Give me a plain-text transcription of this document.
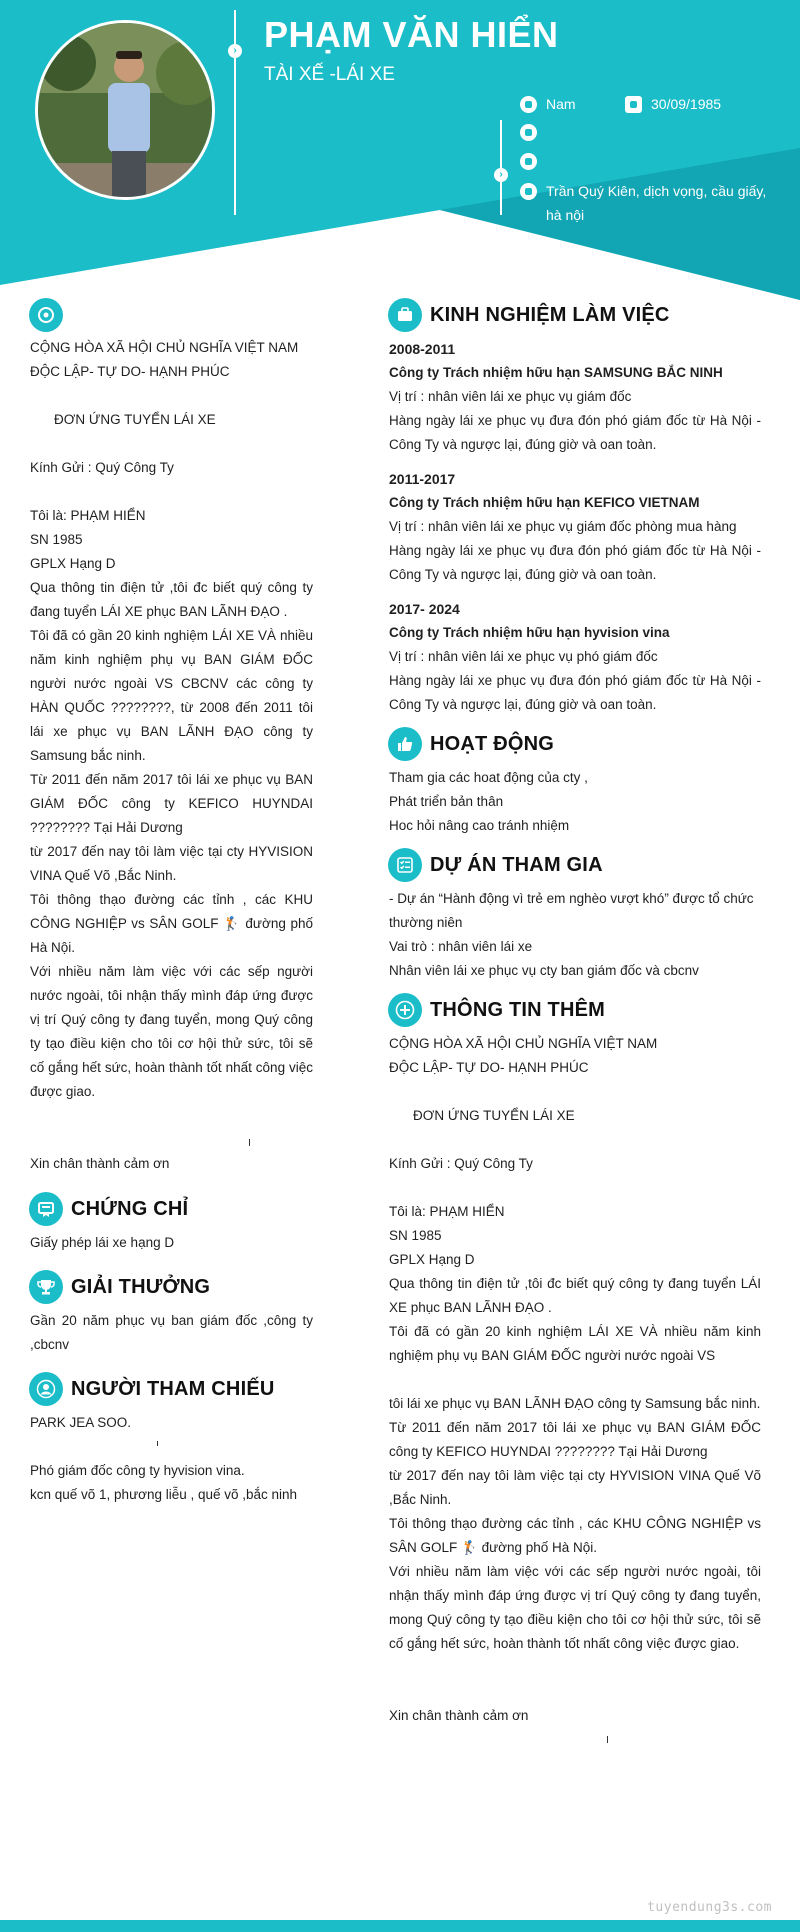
› PHẠM VĂN HIỂN
TÀI XẾ -LÁI XE
›
Nam	30/09/1985
Trần Quý Kiên, dịch vọng, cầu giấy, hà nội

CỘNG HÒA XÃ HỘI CHỦ NGHĨA VIỆT NAM

ĐỘC LẬP- TỰ DO- HẠNH PHÚC

ĐƠN ỨNG TUYỂN LÁI XE

Kính Gửi : Quý Công Ty

Tôi là: PHẠM HIỂN

SN 1985

GPLX Hạng D

Qua thông tin điện tử ,tôi đc biết quý công ty đang tuyển LÁI XE phục BAN LÃNH ĐẠO .

Tôi đã có gần 20 kinh nghiệm LÁI XE VÀ nhiều năm kinh nghiệm phụ vụ BAN GIÁM ĐỐC người nước ngoài VS CBCNV các công ty HÀN QUỐC ????????, từ 2008 đến 2011 tôi lái xe phục vụ BAN LÃNH ĐẠO công ty Samsung bắc ninh.

Từ 2011 đến năm 2017 tôi lái xe phục vụ BAN GIÁM ĐỐC công ty KEFICO HUYNDAI ???????? Tại Hải Dương

từ 2017 đến nay tôi làm việc tại cty HYVISION VINA Quế Võ ,Bắc Ninh.

Tôi thông thạo đường các tỉnh , các KHU CÔNG NGHIỆP vs SÂN GOLF 🏌 đường phố Hà Nội.

Với nhiều năm làm việc với các sếp người nước ngoài, tôi nhận thấy mình đáp ứng được vị trí Quý công ty đang tuyển, mong Quý công ty tạo điều kiện cho tôi cơ hội thử sức, tôi sẽ cố gắng hết sức, hoàn thành tốt nhất công việc được giao.

Xin chân thành cảm ơn

CHỨNG CHỈ

Giấy phép lái xe hạng D

GIẢI THƯỞNG

Gần 20 năm phục vụ ban giám đốc ,công ty ,cbcnv

NGƯỜI THAM CHIẾU

PARK JEA SOO.

Phó giám đốc công ty hyvision vina.

kcn quế võ 1, phương liễu , quế võ ,bắc ninh

KINH NGHIỆM LÀM VIỆC

2008-2011

Công ty Trách nhiệm hữu hạn SAMSUNG BẮC NINH

Vị trí : nhân viên lái xe phục vụ giám đốc

Hàng ngày lái xe phục vụ đưa đón phó giám đốc từ Hà Nội - Công Ty và ngược lại, đúng giờ và oan toàn.

2011-2017

Công ty Trách nhiệm hữu hạn KEFICO VIETNAM

Vị trí : nhân viên lái xe phục vụ giám đốc phòng mua hàng

Hàng ngày lái xe phục vụ đưa đón phó giám đốc từ Hà Nội - Công Ty và ngược lại, đúng giờ và oan toàn.

2017- 2024

Công ty Trách nhiệm hữu hạn hyvision vina

Vị trí : nhân viên lái xe phục vụ phó giám đốc

Hàng ngày lái xe phục vụ đưa đón phó giám đốc từ Hà Nội - Công Ty và ngược lại, đúng giờ và oan toàn.

HOẠT ĐỘNG

Tham gia các hoat động của cty ,

Phát triển bản thân

Hoc hỏi nâng cao tránh nhiệm

DỰ ÁN THAM GIA

- Dự án “Hành động vì trẻ em nghèo vượt khó” được tổ chức thường niên

Vai trò : nhân viên lái xe

Nhân viên lái xe phục vụ cty ban giám đốc và cbcnv

THÔNG TIN THÊM

CỘNG HÒA XÃ HỘI CHỦ NGHĨA VIỆT NAM

ĐỘC LẬP- TỰ DO- HẠNH PHÚC

ĐƠN ỨNG TUYỂN LÁI XE

Kính Gửi : Quý Công Ty

Tôi là: PHẠM HIỂN

SN 1985

GPLX Hạng D

Qua thông tin điện tử ,tôi đc biết quý công ty đang tuyển LÁI XE phục BAN LÃNH ĐẠO .

Tôi đã có gần 20 kinh nghiệm LÁI XE VÀ nhiều năm kinh nghiệm phụ vụ BAN GIÁM ĐỐC người nước ngoài VS

tôi lái xe phục vụ BAN LÃNH ĐẠO công ty Samsung bắc ninh.

Từ 2011 đến năm 2017 tôi lái xe phục vụ BAN GIÁM ĐỐC công ty KEFICO HUYNDAI ???????? Tại Hải Dương

từ 2017 đến nay tôi làm việc tại cty HYVISION VINA Quế Võ ,Bắc Ninh.

Tôi thông thạo đường các tỉnh , các KHU CÔNG NGHIỆP vs SÂN GOLF 🏌 đường phố Hà Nội.

Với nhiều năm làm việc với các sếp người nước ngoài, tôi nhận thấy mình đáp ứng được vị trí Quý công ty đang tuyển, mong Quý công ty tạo điều kiện cho tôi cơ hội thử sức, tôi sẽ cố gắng hết sức, hoàn thành tốt nhất công việc được giao.

Xin chân thành cảm ơn

tuyendung3s.com
